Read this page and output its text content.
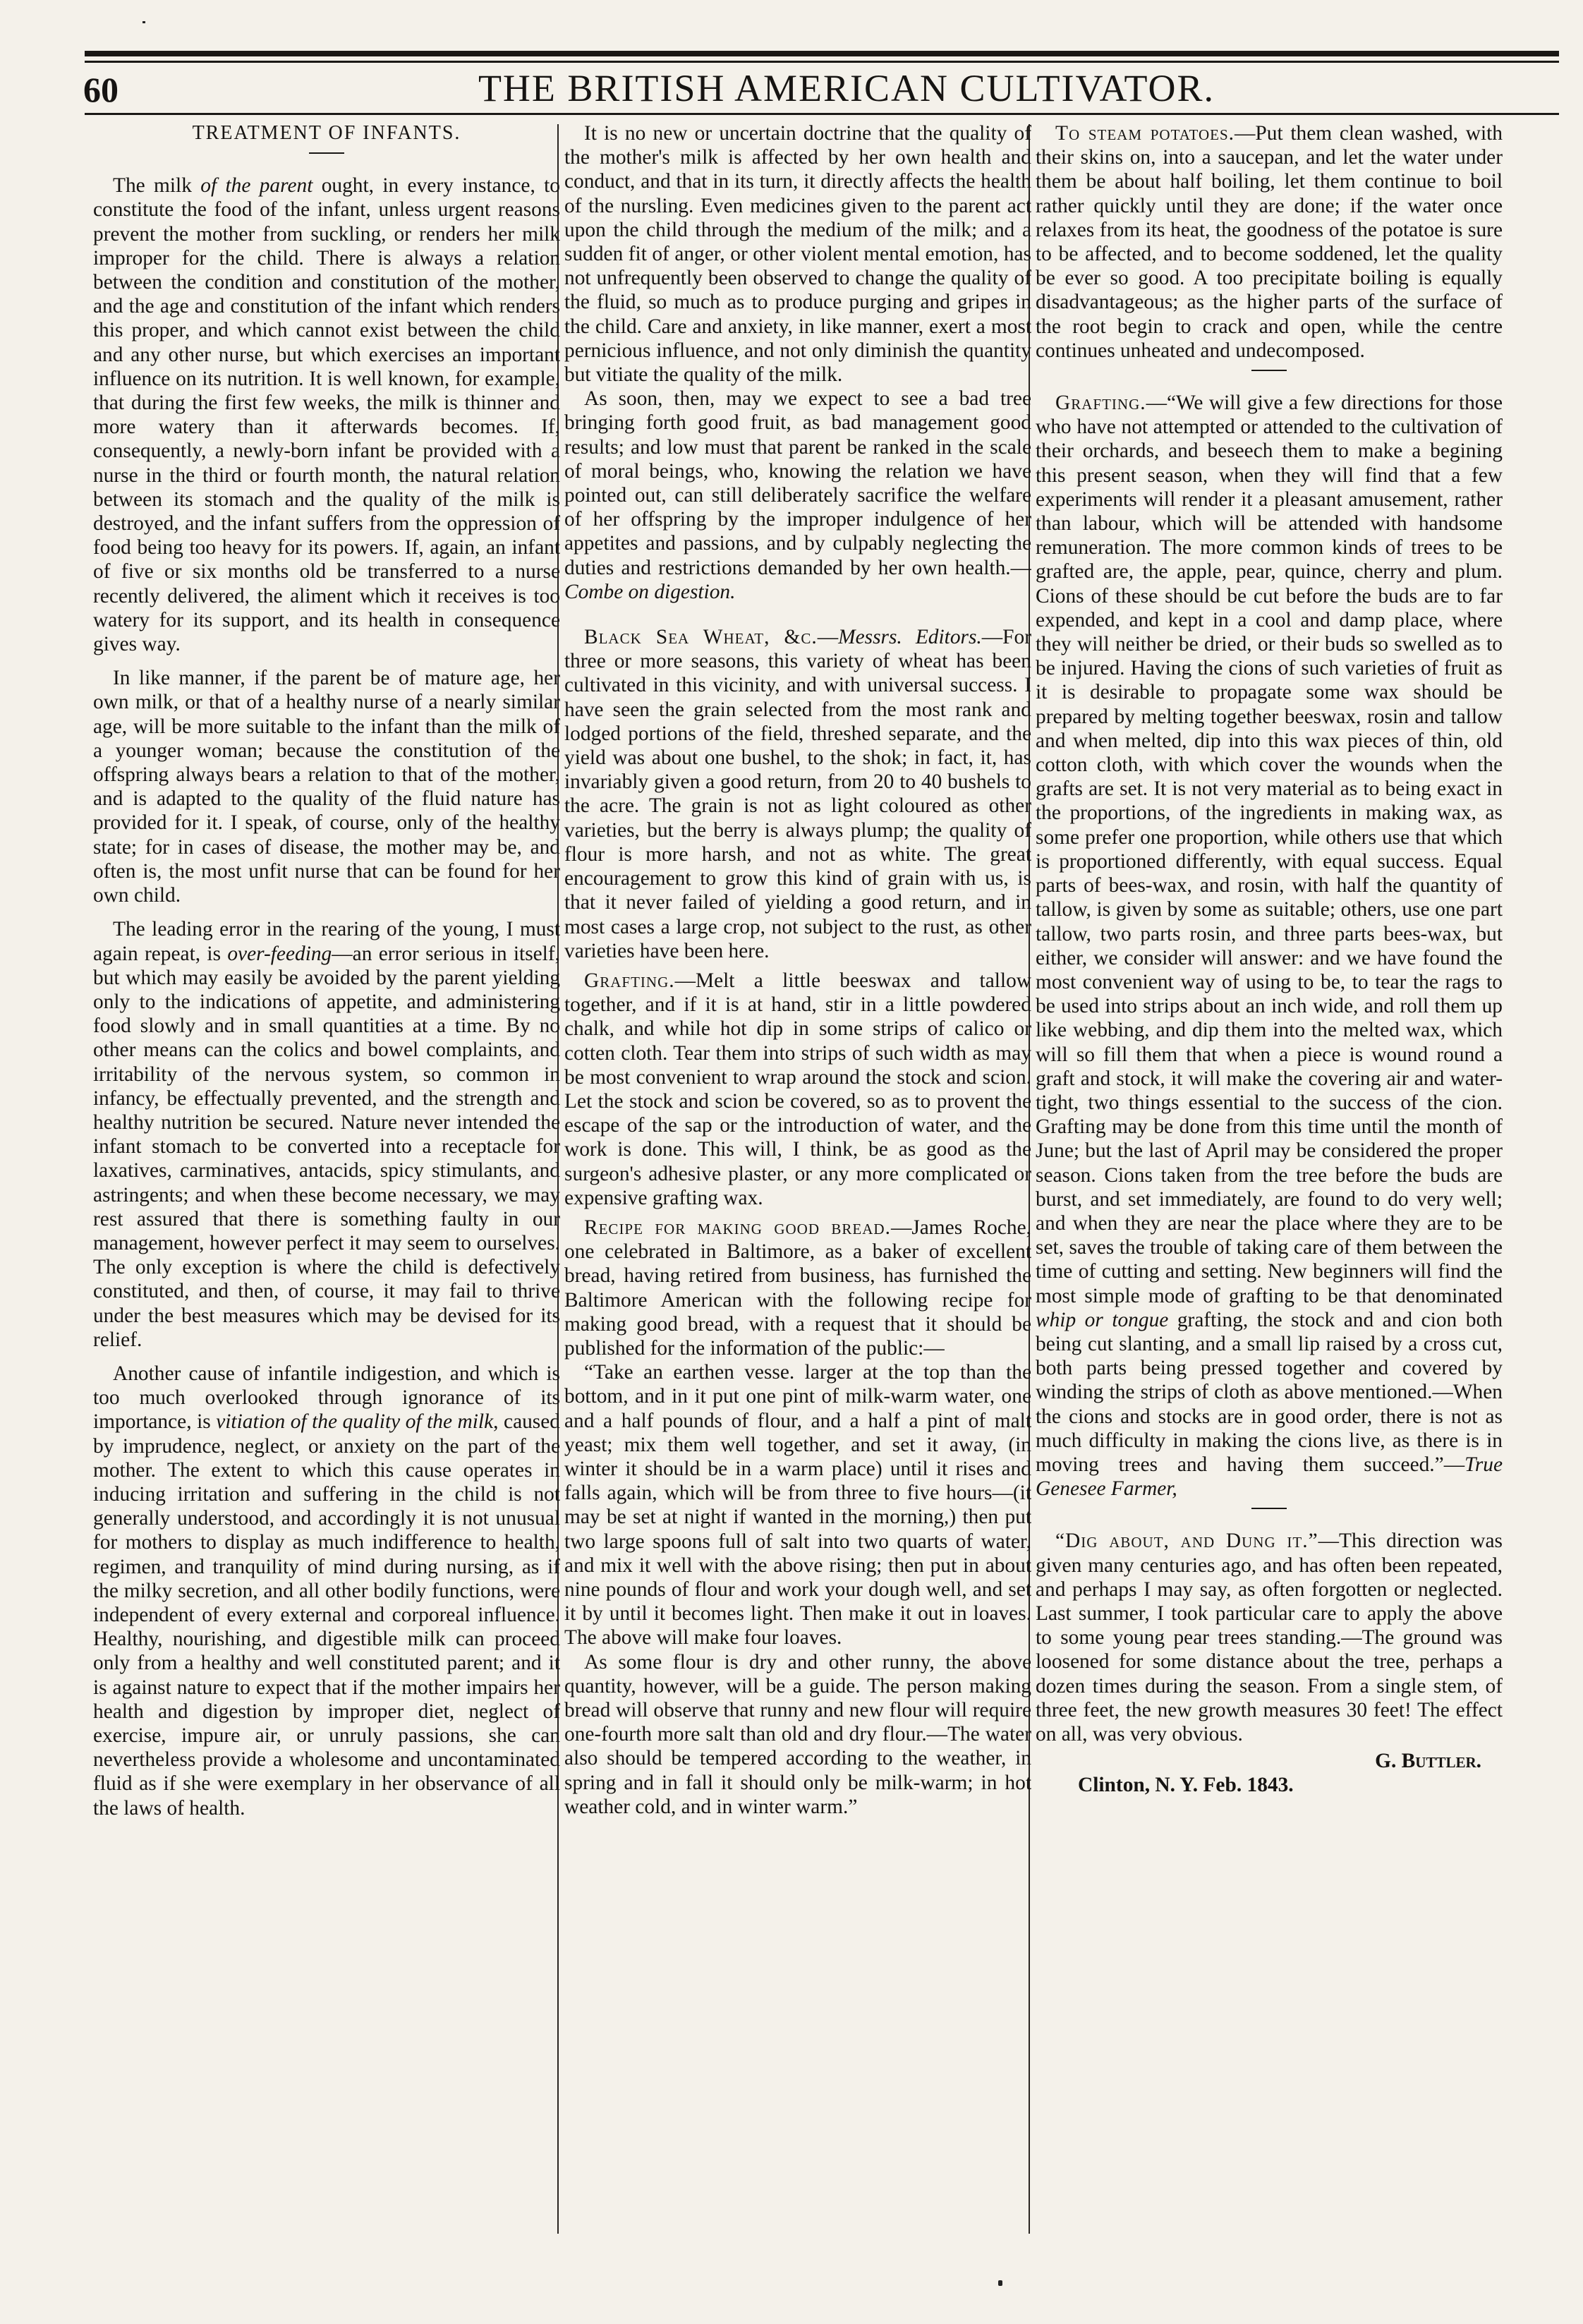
60	THE BRITISH AMERICAN CULTIVATOR.
TREATMENT OF INFANTS.

The milk of the parent ought, in every instance, to constitute the food of the infant, unless urgent reasons prevent the mother from suckling, or renders her milk improper for the child. There is always a relation between the condition and constitution of the mother, and the age and constitution of the infant which renders this proper, and which cannot exist between the child and any other nurse, but which exercises an important influence on its nutrition. It is well known, for example, that during the first few weeks, the milk is thinner and more watery than it afterwards becomes. If, consequently, a newly-born infant be provided with a nurse in the third or fourth month, the natural relation between its stomach and the quality of the milk is destroyed, and the infant suffers from the oppression of food being too heavy for its powers. If, again, an infant of five or six months old be transferred to a nurse recently delivered, the aliment which it receives is too watery for its support, and its health in consequence gives way.

In like manner, if the parent be of mature age, her own milk, or that of a healthy nurse of a nearly similar age, will be more suitable to the infant than the milk of a younger woman; because the constitution of the offspring always bears a relation to that of the mother, and is adapted to the quality of the fluid nature has provided for it. I speak, of course, only of the healthy state; for in cases of disease, the mother may be, and often is, the most unfit nurse that can be found for her own child.

The leading error in the rearing of the young, I must again repeat, is over-feeding—an error serious in itself, but which may easily be avoided by the parent yielding only to the indications of appetite, and administering food slowly and in small quantities at a time. By no other means can the colics and bowel complaints, and irritability of the nervous system, so common in infancy, be effectually prevented, and the strength and healthy nutrition be secured. Nature never intended the infant stomach to be converted into a receptacle for laxatives, carminatives, antacids, spicy stimulants, and astringents; and when these become necessary, we may rest assured that there is something faulty in our management, however perfect it may seem to ourselves. The only exception is where the child is defectively constituted, and then, of course, it may fail to thrive under the best measures which may be devised for its relief.

Another cause of infantile indigestion, and which is too much overlooked through ignorance of its importance, is vitiation of the quality of the milk, caused by imprudence, neglect, or anxiety on the part of the mother. The extent to which this cause operates in inducing irritation and suffering in the child is not generally understood, and accordingly it is not unusual for mothers to display as much indifference to health, regimen, and tranquility of mind during nursing, as if the milky secretion, and all other bodily functions, were independent of every external and corporeal influence. Healthy, nourishing, and digestible milk can proceed only from a healthy and well constituted parent; and it is against nature to expect that if the mother impairs her health and digestion by improper diet, neglect of exercise, impure air, or unruly passions, she can nevertheless provide a wholesome and uncontaminated fluid as if she were exemplary in her observance of all the laws of health.

It is no new or uncertain doctrine that the quality of the mother's milk is affected by her own health and conduct, and that in its turn, it directly affects the health of the nursling. Even medicines given to the parent act upon the child through the medium of the milk; and a sudden fit of anger, or other violent mental emotion, has not unfrequently been observed to change the quality of the fluid, so much as to produce purging and gripes in the child. Care and anxiety, in like manner, exert a most pernicious influence, and not only diminish the quantity but vitiate the quality of the milk.

As soon, then, may we expect to see a bad tree bringing forth good fruit, as bad management good results; and low must that parent be ranked in the scale of moral beings, who, knowing the relation we have pointed out, can still deliberately sacrifice the welfare of her offspring by the improper indulgence of her appetites and passions, and by culpably neglecting the duties and restrictions demanded by her own health.—Combe on digestion.

Black Sea Wheat, &c.—Messrs. Editors.—For three or more seasons, this variety of wheat has been cultivated in this vicinity, and with universal success. I have seen the grain selected from the most rank and lodged portions of the field, threshed separate, and the yield was about one bushel, to the shok; in fact, it, has invariably given a good return, from 20 to 40 bushels to the acre. The grain is not as light coloured as other varieties, but the berry is always plump; the quality of flour is more harsh, and not as white. The great encouragement to grow this kind of grain with us, is that it never failed of yielding a good return, and in most cases a large crop, not subject to the rust, as other varieties have been here.

Grafting.—Melt a little beeswax and tallow together, and if it is at hand, stir in a little powdered chalk, and while hot dip in some strips of calico or cotten cloth. Tear them into strips of such width as may be most convenient to wrap around the stock and scion. Let the stock and scion be covered, so as to provent the escape of the sap or the introduction of water, and the work is done. This will, I think, be as good as the surgeon's adhesive plaster, or any more complicated or expensive grafting wax.

Recipe for making good bread.—James Roche, one celebrated in Baltimore, as a baker of excellent bread, having retired from business, has furnished the Baltimore American with the following recipe for making good bread, with a request that it should be published for the information of the public:—

“Take an earthen vesse. larger at the top than the bottom, and in it put one pint of milk-warm water, one and a half pounds of flour, and a half a pint of malt yeast; mix them well together, and set it away, (in winter it should be in a warm place) until it rises and falls again, which will be from three to five hours—(it may be set at night if wanted in the morning,) then put two large spoons full of salt into two quarts of water, and mix it well with the above rising; then put in about nine pounds of flour and work your dough well, and set it by until it becomes light. Then make it out in loaves. The above will make four loaves.

As some flour is dry and other runny, the above quantity, however, will be a guide. The person making bread will observe that runny and new flour will require one-fourth more salt than old and dry flour.—The water also should be tempered according to the weather, in spring and in fall it should only be milk-warm; in hot weather cold, and in winter warm.”

To steam potatoes.—Put them clean washed, with their skins on, into a saucepan, and let the water under them be about half boiling, let them continue to boil rather quickly until they are done; if the water once relaxes from its heat, the goodness of the potatoe is sure to be affected, and to become soddened, let the quality be ever so good. A too precipitate boiling is equally disadvantageous; as the higher parts of the surface of the root begin to crack and open, while the centre continues unheated and undecomposed.

Grafting.—“We will give a few directions for those who have not attempted or attended to the cultivation of their orchards, and beseech them to make a begining this present season, when they will find that a few experiments will render it a pleasant amusement, rather than labour, which will be attended with handsome remuneration. The more common kinds of trees to be grafted are, the apple, pear, quince, cherry and plum. Cions of these should be cut before the buds are to far expended, and kept in a cool and damp place, where they will neither be dried, or their buds so swelled as to be injured. Having the cions of such varieties of fruit as it is desirable to propagate some wax should be prepared by melting together beeswax, rosin and tallow and when melted, dip into this wax pieces of thin, old cotton cloth, with which cover the wounds when the grafts are set. It is not very material as to being exact in the proportions, of the ingredients in making wax, as some prefer one proportion, while others use that which is proportioned differently, with equal success. Equal parts of bees-wax, and rosin, with half the quantity of tallow, is given by some as suitable; others, use one part tallow, two parts rosin, and three parts bees-wax, but either, we consider will answer: and we have found the most convenient way of using to be, to tear the rags to be used into strips about an inch wide, and roll them up like webbing, and dip them into the melted wax, which will so fill them that when a piece is wound round a graft and stock, it will make the covering air and water-tight, two things essential to the success of the cion. Grafting may be done from this time until the month of June; but the last of April may be considered the proper season. Cions taken from the tree before the buds are burst, and set immediately, are found to do very well; and when they are near the place where they are to be set, saves the trouble of taking care of them between the time of cutting and setting. New beginners will find the most simple mode of grafting to be that denominated whip or tongue grafting, the stock and and cion both being cut slanting, and a small lip raised by a cross cut, both parts being pressed together and covered by winding the strips of cloth as above mentioned.—When the cions and stocks are in good order, there is not as much difficulty in making the cions live, as there is in moving trees and having them succeed.”—True Genesee Farmer,

“Dig about, and Dung it.”—This direction was given many centuries ago, and has often been repeated, and perhaps I may say, as often forgotten or neglected. Last summer, I took particular care to apply the above to some young pear trees standing.—The ground was loosened for some distance about the tree, perhaps a dozen times during the season. From a single stem, of three feet, the new growth measures 30 feet! The effect on all, was very obvious.

G. Buttler.

Clinton, N. Y. Feb. 1843.
